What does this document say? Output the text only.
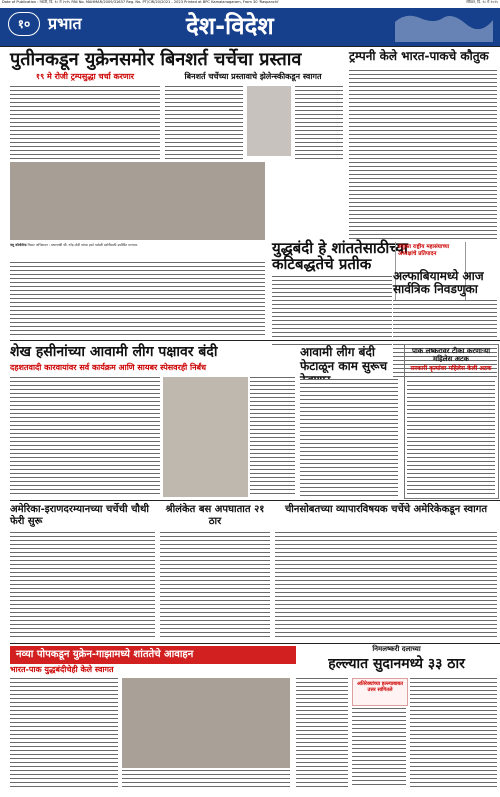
Date of Publication : मराठी, दि. १८ मे २०२५ RNI No. MAHMAR/2009/31637 Reg. No. PT/CIR/20/2021 - 2023 Printed at BPC Kamalanagaram, From 30 'Raspanchi'	रविवार, दि. १८ मे २०२५
१०	प्रभात	देश-विदेश
पुतीनकडून युक्रेनसमोर बिनशर्त चर्चेचा प्रस्ताव
१९ मे रोजी ट्रम्पसुद्धा चर्चा करणार	बिनशर्त चर्चेच्या प्रस्तावाचे झेलेन्स्कीकडून स्वागत
ट्रम्पनी केले भारत-पाकचे कौतुक
फ्लू कोमोसेन्ड चिकट अभिवादन : प्रधानमंत्री श्री. नरेंद्र मोदी यांच्या हस्ते यावेळी दर्शनीसाठी उपस्थित मान्यवर.	युद्धबंदी हे शांततेसाठीच्या कटिबद्धतेचे प्रतीक
संयुक्त राष्ट्रीय महासंघाच्या अध्यक्षांचे प्रतिपादन
अल्फाबियामध्ये आज सार्वत्रिक निवडणुका
शेख हसीनांच्या आवामी लीग पक्षावर बंदी
दहशतवादी कारवायांवर सर्व कार्यक्रम आणि सायबर स्पेसवरही निर्बंध
आवामी लीग बंदी फेटाळून काम सुरूच
पाक लष्करावर टीका करणाऱ्या महिलेस अटक
सरकारी कृत्यांवर महिलेस केली अटक
अमेरिका-इराणदरम्यानच्या चर्चेची चौथी फेरी सुरू
श्रीलंकेत बस अपघातात २१ ठार
चीनसोबतच्या व्यापारविषयक चर्चेचे अमेरिकेकडून स्वागत
नव्या पोपकडून युक्रेन-गाझामध्ये शांततेचे आवाहन
भारत-पाक युद्धबंदीचेही केले स्वागत
निमलष्करी दलाच्या
हल्ल्यात सुदानमध्ये ३३ ठार
अतिरेक्यांच्या हल्ल्याबाबत उत्तर सांगितले
